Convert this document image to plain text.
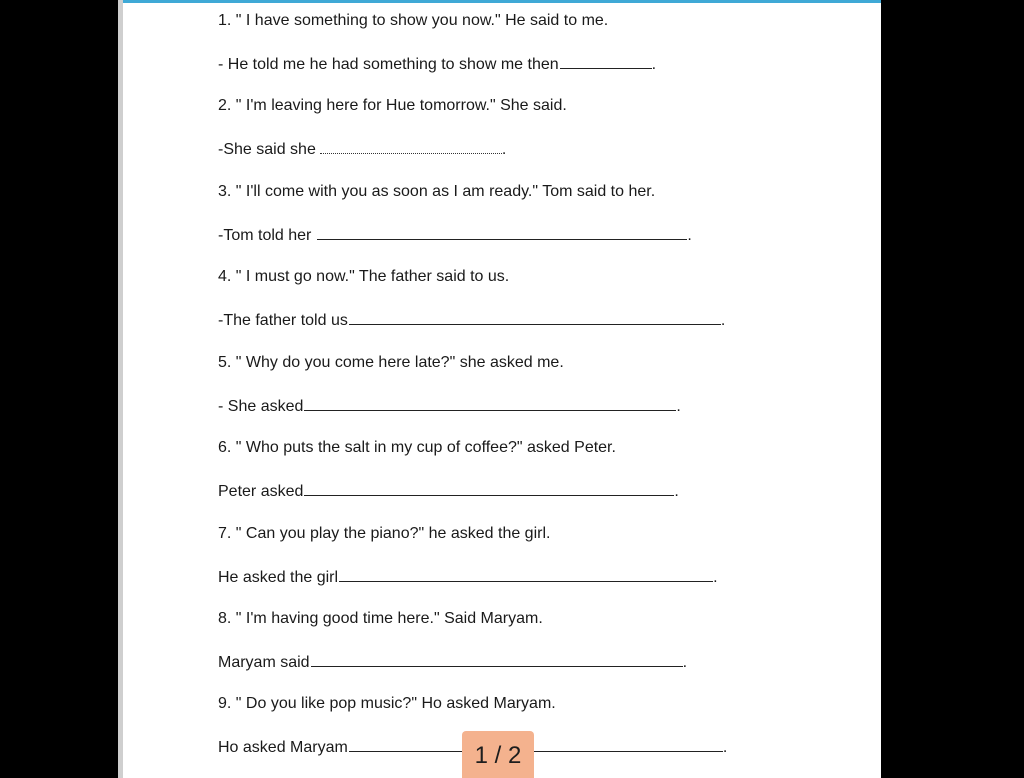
1. " I have something to show you now." He said to me.
- He told me he had something to show me then	.
2. " I'm leaving here for Hue tomorrow." She said.
-She said she	.
3. " I'll come with you as soon as I am ready." Tom said to her.
-Tom told her	.
4. " I must go now." The father said to us.
-The father told us	.
5. " Why do you come here late?" she asked me.
- She asked	.
6. " Who puts the salt in my cup of coffee?" asked Peter.
Peter asked	.
7. " Can you play the piano?" he asked the girl.
He asked the girl	.
8. " I'm having good time here." Said Maryam.
Maryam said	.
9. " Do you like pop music?" Ho asked Maryam.
Ho asked Maryam	.
1 / 2
